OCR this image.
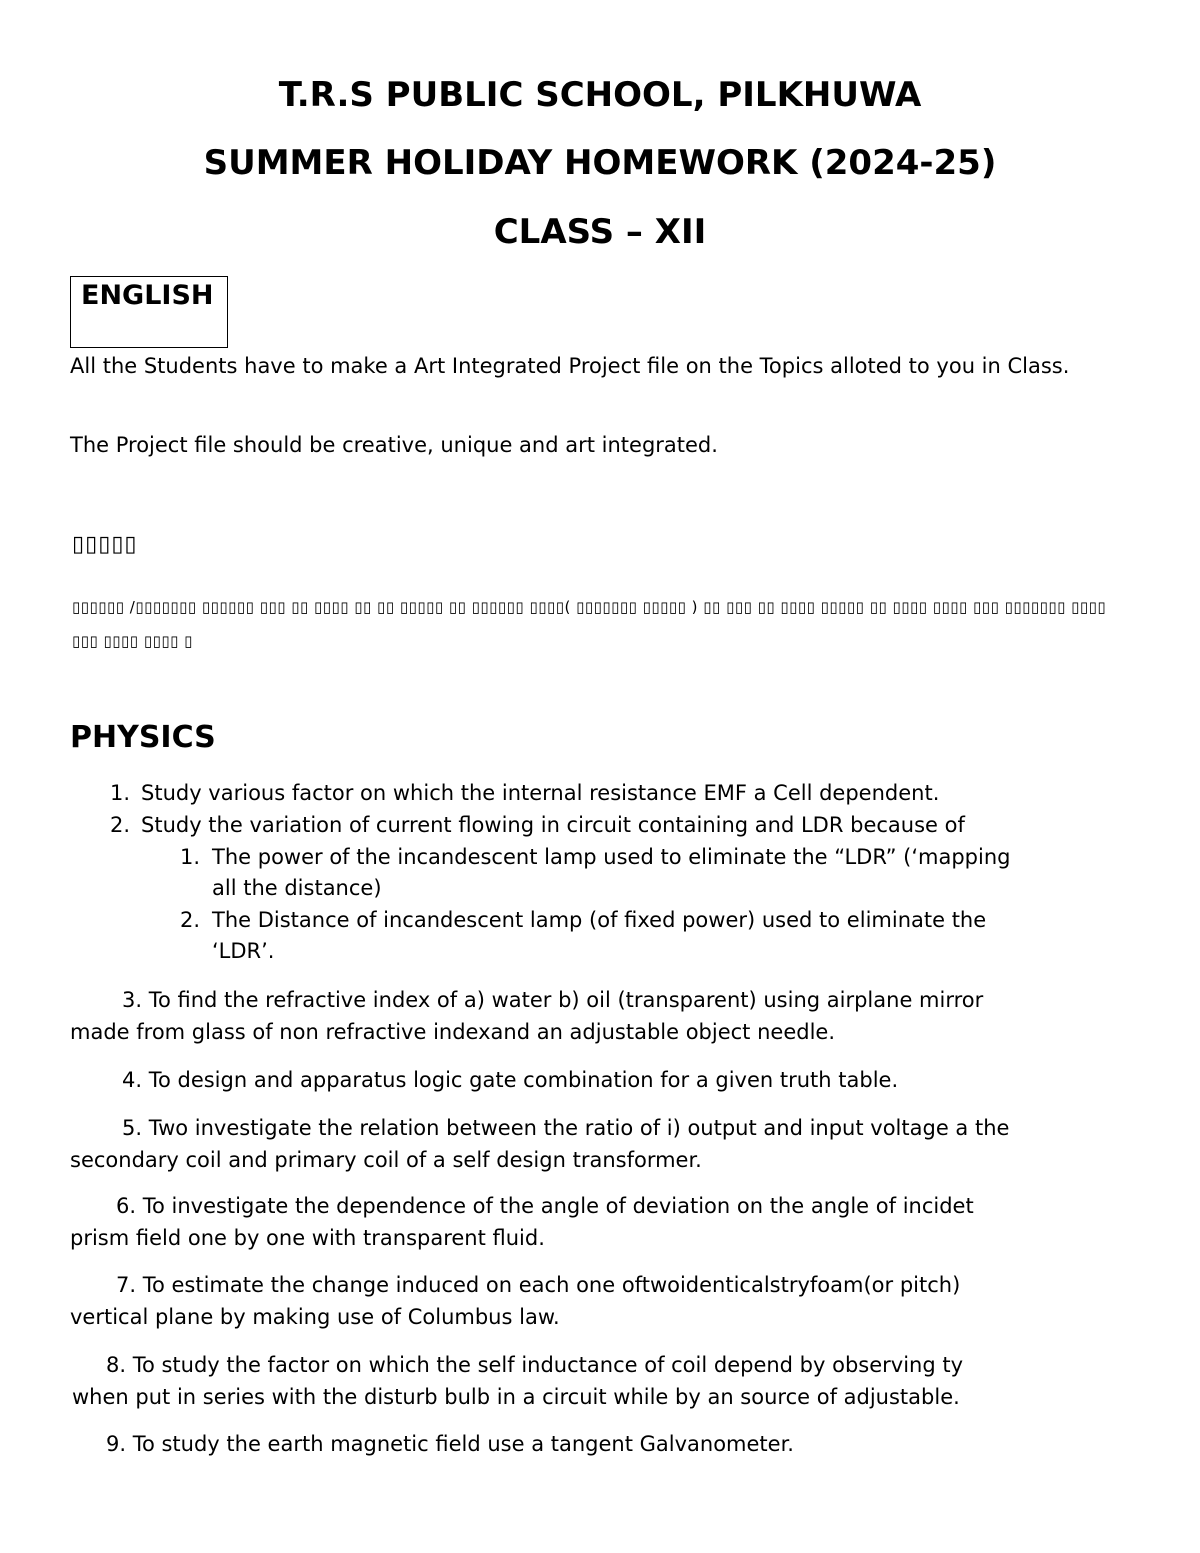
T.R.S PUBLIC SCHOOL, PILKHUWA
SUMMER HOLIDAY HOMEWORK (2024-25)
CLASS – XII
ENGLISH

All the Students have to make a Art Integrated Project file on the Topics alloted to you in Class.

The Project file should be creative, unique and art integrated.

▯▯▯▯▯
▯▯▯▯▯▯ /▯▯▯▯▯▯▯ ▯▯▯▯▯▯ ▯▯▯ ▯▯ ▯▯▯▯ ▯▯ ▯▯ ▯▯▯▯▯ ▯▯ ▯▯▯▯▯▯ ▯▯▯▯( ▯▯▯▯▯▯▯ ▯▯▯▯▯ ) ▯▯ ▯▯▯ ▯▯ ▯▯▯▯ ▯▯▯▯▯ ▯▯ ▯▯▯▯ ▯▯▯▯ ▯▯▯ ▯▯▯▯▯▯▯ ▯▯▯▯
▯▯▯ ▯▯▯▯ ▯▯▯▯ ▯
PHYSICS
1. Study various factor on which the internal resistance EMF a Cell dependent.
2. Study the variation of current flowing in circuit containing and LDR because of
1. The power of the incandescent lamp used to eliminate the “LDR” (‘mapping
all the distance)
2. The Distance of incandescent lamp (of fixed power) used to eliminate the
‘LDR’.
3. To find the refractive index of a) water b) oil (transparent) using airplane mirror
made from glass of non refractive indexand an adjustable object needle.
4. To design and apparatus logic gate combination for a given truth table.
5. Two investigate the relation between the ratio of i) output and input voltage a the
secondary coil and primary coil of a self design transformer.
6. To investigate the dependence of the angle of deviation on the angle of incidet
prism field one by one with transparent fluid.
7. To estimate the change induced on each one oftwoidenticalstryfoam(or pitch)
vertical plane by making use of Columbus law.
8. To study the factor on which the self inductance of coil depend by observing ty
when put in series with the disturb bulb in a circuit while by an source of adjustable.
9. To study the earth magnetic field use a tangent Galvanometer.
